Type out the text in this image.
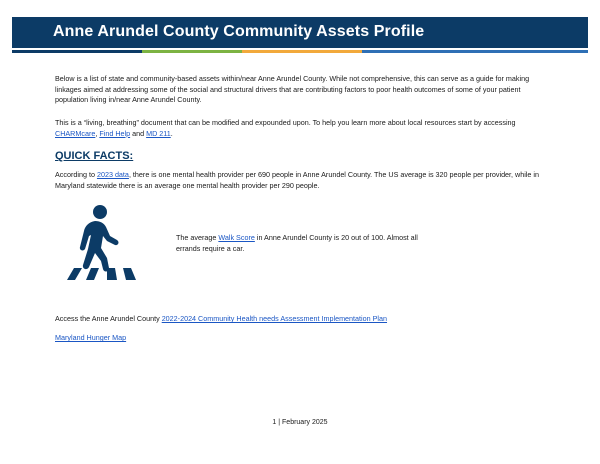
Anne Arundel County Community Assets Profile
Below is a list of state and community-based assets within/near Anne Arundel County. While not comprehensive, this can serve as a guide for making linkages aimed at addressing some of the social and structural drivers that are contributing factors to poor health outcomes of some of your patient population living in/near Anne Arundel County.
This is a “living, breathing” document that can be modified and expounded upon. To help you learn more about local resources start by accessing CHARMcare, Find Help and MD 211.
QUICK FACTS:
According to 2023 data, there is one mental health provider per 690 people in Anne Arundel County. The US average is 320 people per provider, while in Maryland statewide there is an average one mental health provider per 290 people.
The average Walk Score in Anne Arundel County is 20 out of 100. Almost all errands require a car.
Access the Anne Arundel County 2022-2024 Community Health needs Assessment Implementation Plan
Maryland Hunger Map
1 | February 2025
